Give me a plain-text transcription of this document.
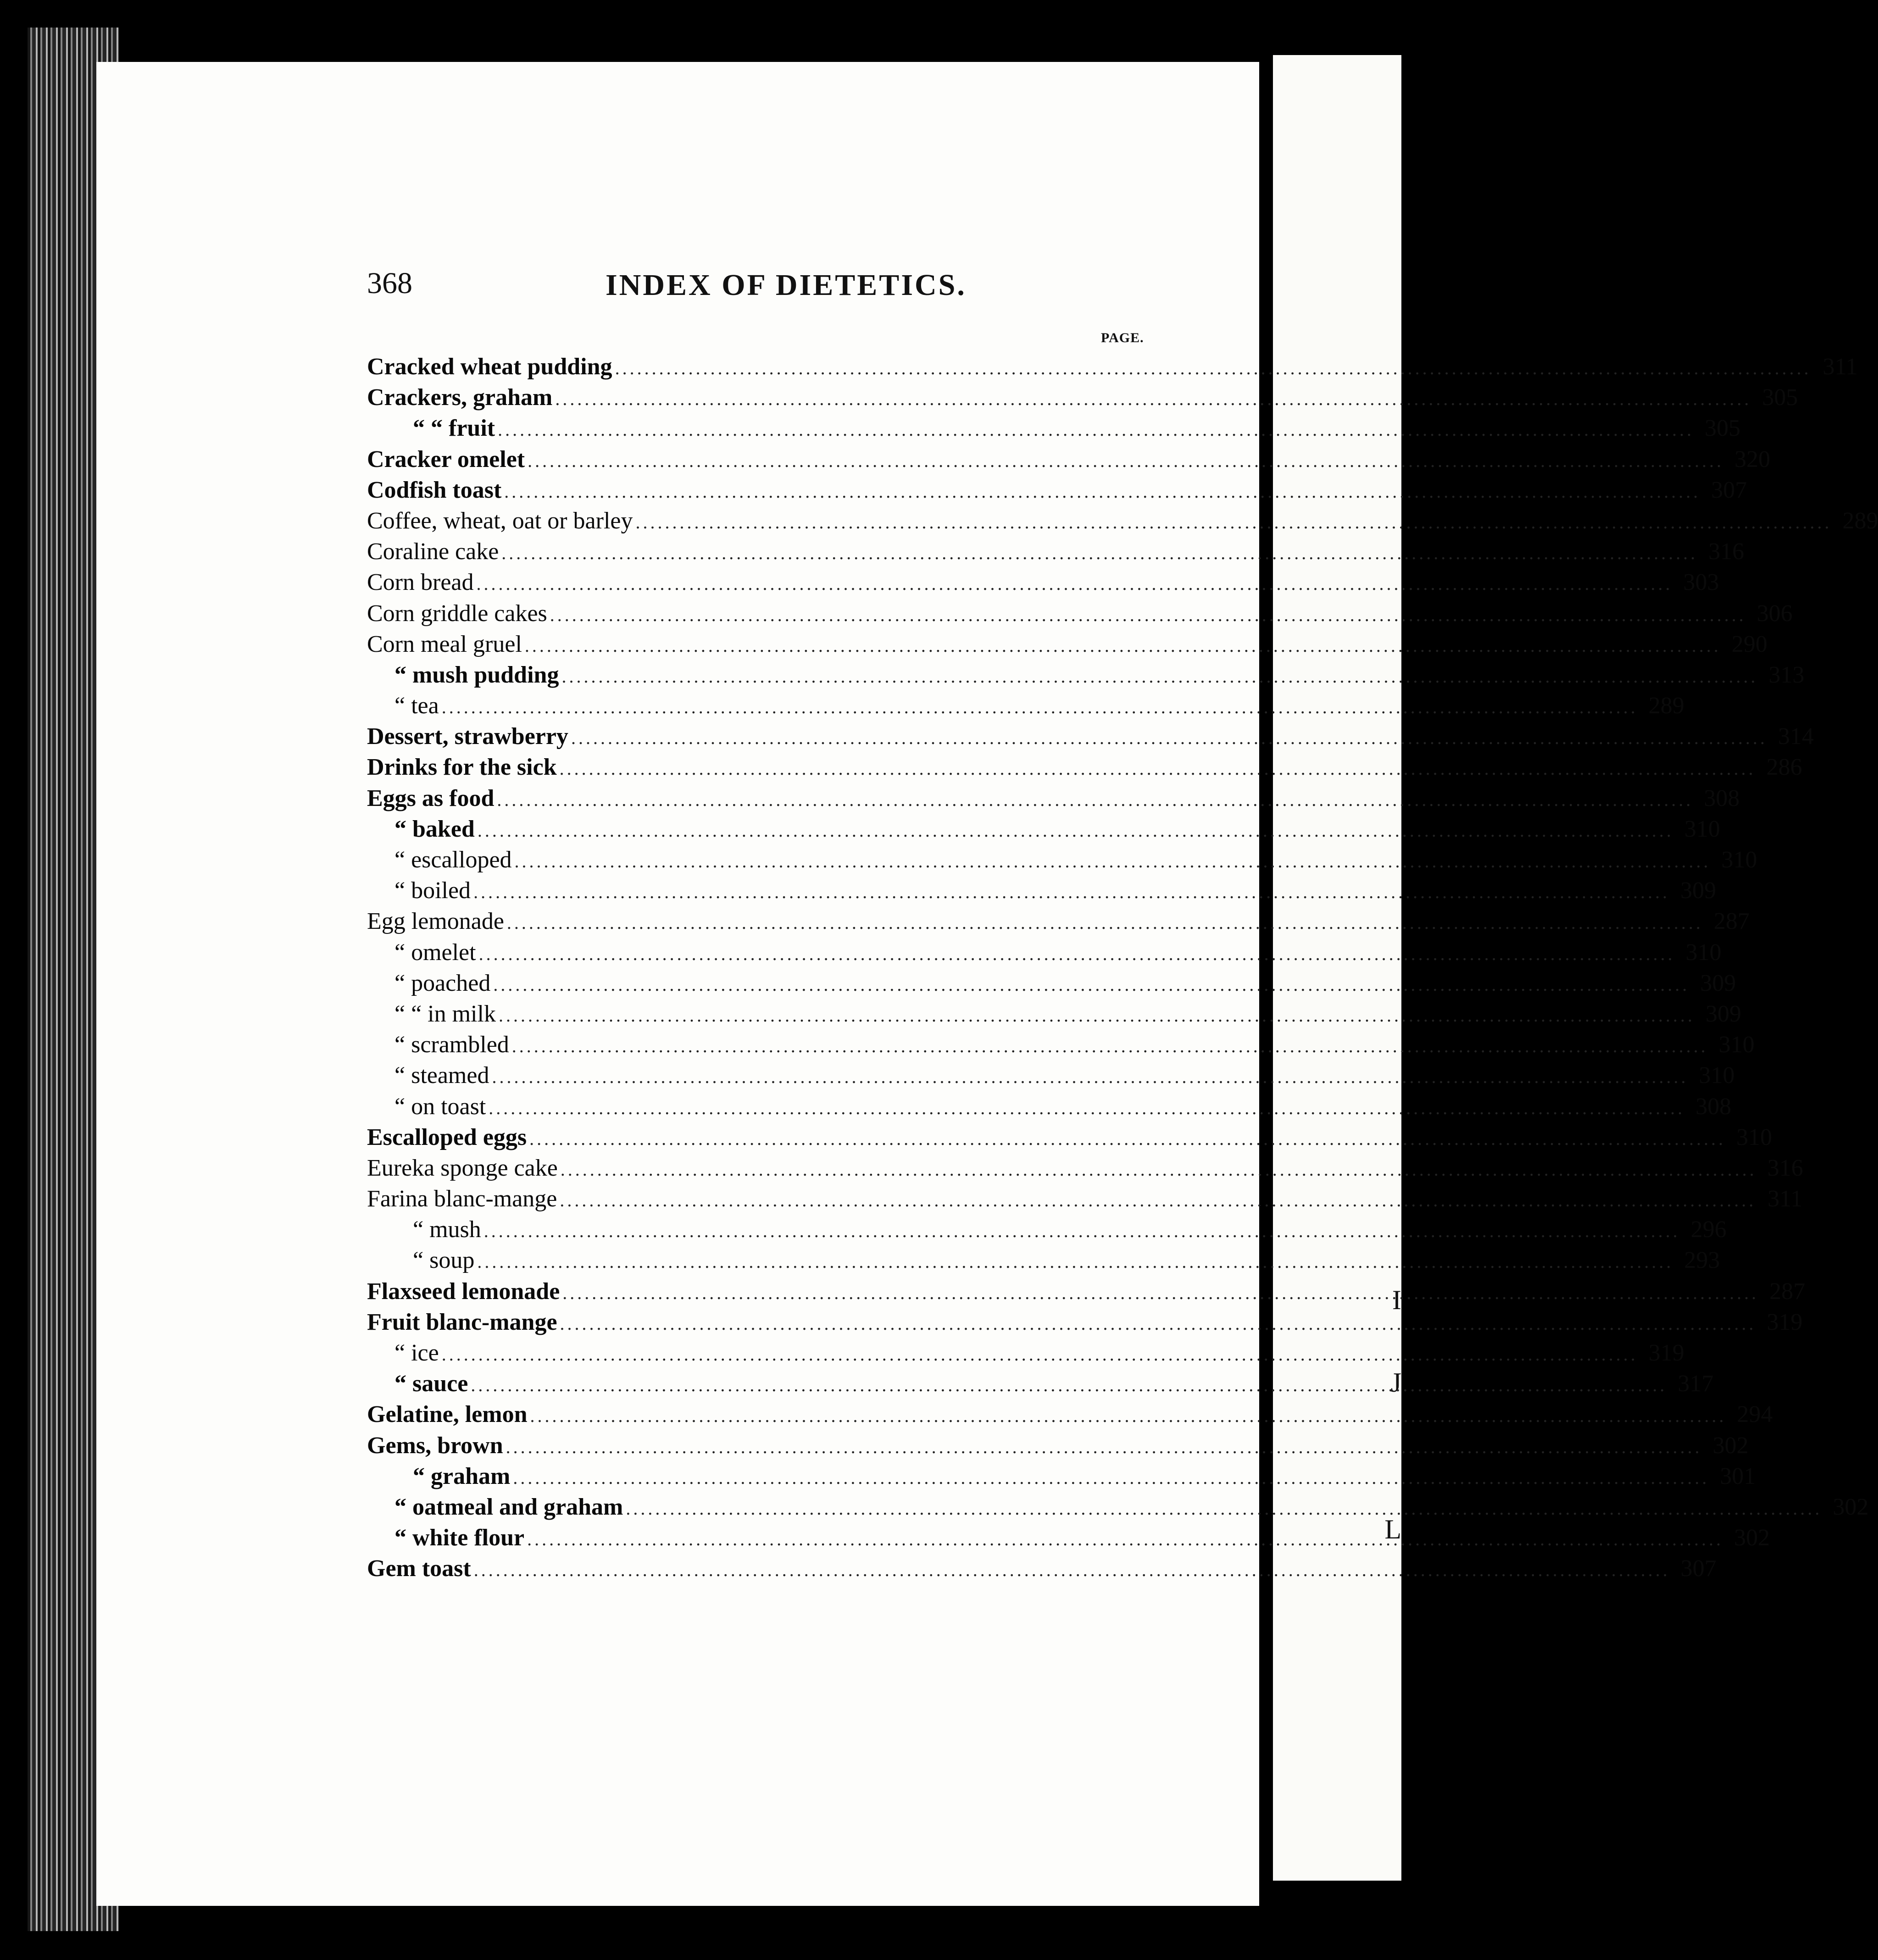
I
J
L
368	INDEX OF DIETETICS.
PAGE.
Cracked wheat pudding .....	311
Crackers, graham .....	305
“ “ fruit .....	305
Cracker omelet .....	320
Codfish toast .....	307
Coffee, wheat, oat or barley .....	289
Coraline cake .....	316
Corn bread .....	303
Corn griddle cakes .....	306
Corn meal gruel .....	290
“ mush pudding .....	313
“ tea .....	289
Dessert, strawberry .....	314
Drinks for the sick .....	286
Eggs as food .....	308
“ baked .....	310
“ escalloped .....	310
“ boiled .....	309
Egg lemonade .....	287
“ omelet .....	310
“ poached .....	309
“ “ in milk .....	309
“ scrambled .....	310
“ steamed .....	310
“ on toast .....	308
Escalloped eggs .....	310
Eureka sponge cake .....	316
Farina blanc-mange .....	311
“ mush .....	296
“ soup .....	293
Flaxseed lemonade .....	287
Fruit blanc-mange .....	319
“ ice .....	319
“ sauce .....	317
Gelatine, lemon .....	294
Gems, brown .....	302
“ graham .....	301
“ oatmeal and graham .....	302
“ white flour .....	302
Gem toast .....	307
